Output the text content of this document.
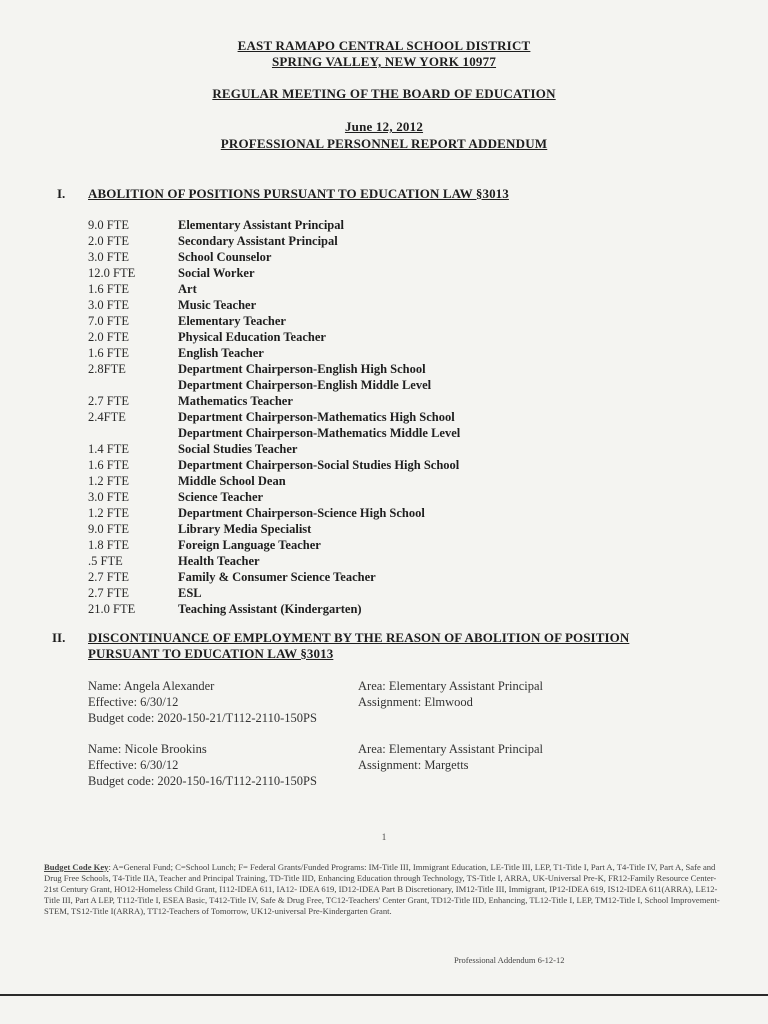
EAST RAMAPO CENTRAL SCHOOL DISTRICT
SPRING VALLEY, NEW YORK 10977
REGULAR MEETING OF THE BOARD OF EDUCATION
June 12, 2012
PROFESSIONAL PERSONNEL REPORT ADDENDUM
I. ABOLITION OF POSITIONS PURSUANT TO EDUCATION LAW §3013
9.0 FTE	Elementary Assistant Principal
2.0 FTE	Secondary Assistant Principal
3.0 FTE	School Counselor
12.0 FTE	Social Worker
1.6 FTE	Art
3.0 FTE	Music Teacher
7.0 FTE	Elementary Teacher
2.0 FTE	Physical Education Teacher
1.6 FTE	English Teacher
2.8FTE	Department Chairperson-English High School
Department Chairperson-English Middle Level
2.7 FTE	Mathematics Teacher
2.4FTE	Department Chairperson-Mathematics High School
Department Chairperson-Mathematics Middle Level
1.4 FTE	Social Studies Teacher
1.6 FTE	Department Chairperson-Social Studies High School
1.2 FTE	Middle School Dean
3.0 FTE	Science Teacher
1.2 FTE	Department Chairperson-Science High School
9.0 FTE	Library Media Specialist
1.8 FTE	Foreign Language Teacher
.5 FTE	Health Teacher
2.7 FTE	Family & Consumer Science Teacher
2.7 FTE	ESL
21.0 FTE	Teaching Assistant (Kindergarten)
II. DISCONTINUANCE OF EMPLOYMENT BY THE REASON OF ABOLITION OF POSITION
PURSUANT TO EDUCATION LAW §3013
Name: Angela Alexander
Effective: 6/30/12
Budget code: 2020-150-21/T112-2110-150PS
Area: Elementary Assistant Principal
Assignment: Elmwood
Name: Nicole Brookins
Effective: 6/30/12
Budget code: 2020-150-16/T112-2110-150PS
Area: Elementary Assistant Principal
Assignment: Margetts
1
Budget Code Key: A=General Fund; C=School Lunch; F= Federal Grants/Funded Programs: IM-Title III, Immigrant Education, LE-Title III, LEP, T1-Title I, Part A, T4-Title IV, Part A, Safe and Drug Free Schools, T4-Title IIA, Teacher and Principal Training, TD-Title IID, Enhancing Education through Technology, TS-Title I, ARRA, UK-Universal Pre-K, FR12-Family Resource Center-21st Century Grant, HO12-Homeless Child Grant, I112-IDEA 611, IA12- IDEA 619, ID12-IDEA Part B Discretionary, IM12-Title III, Immigrant, IP12-IDEA 619, IS12-IDEA 611(ARRA), LE12-Title III, Part A LEP, T112-Title I, ESEA Basic, T412-Title IV, Safe & Drug Free, TC12-Teachers' Center Grant, TD12-Title IID, Enhancing, TL12-Title I, LEP, TM12-Title I, School Improvement-STEM, TS12-Title I(ARRA), TT12-Teachers of Tomorrow, UK12-universal Pre-Kindergarten Grant.
Professional Addendum 6-12-12
